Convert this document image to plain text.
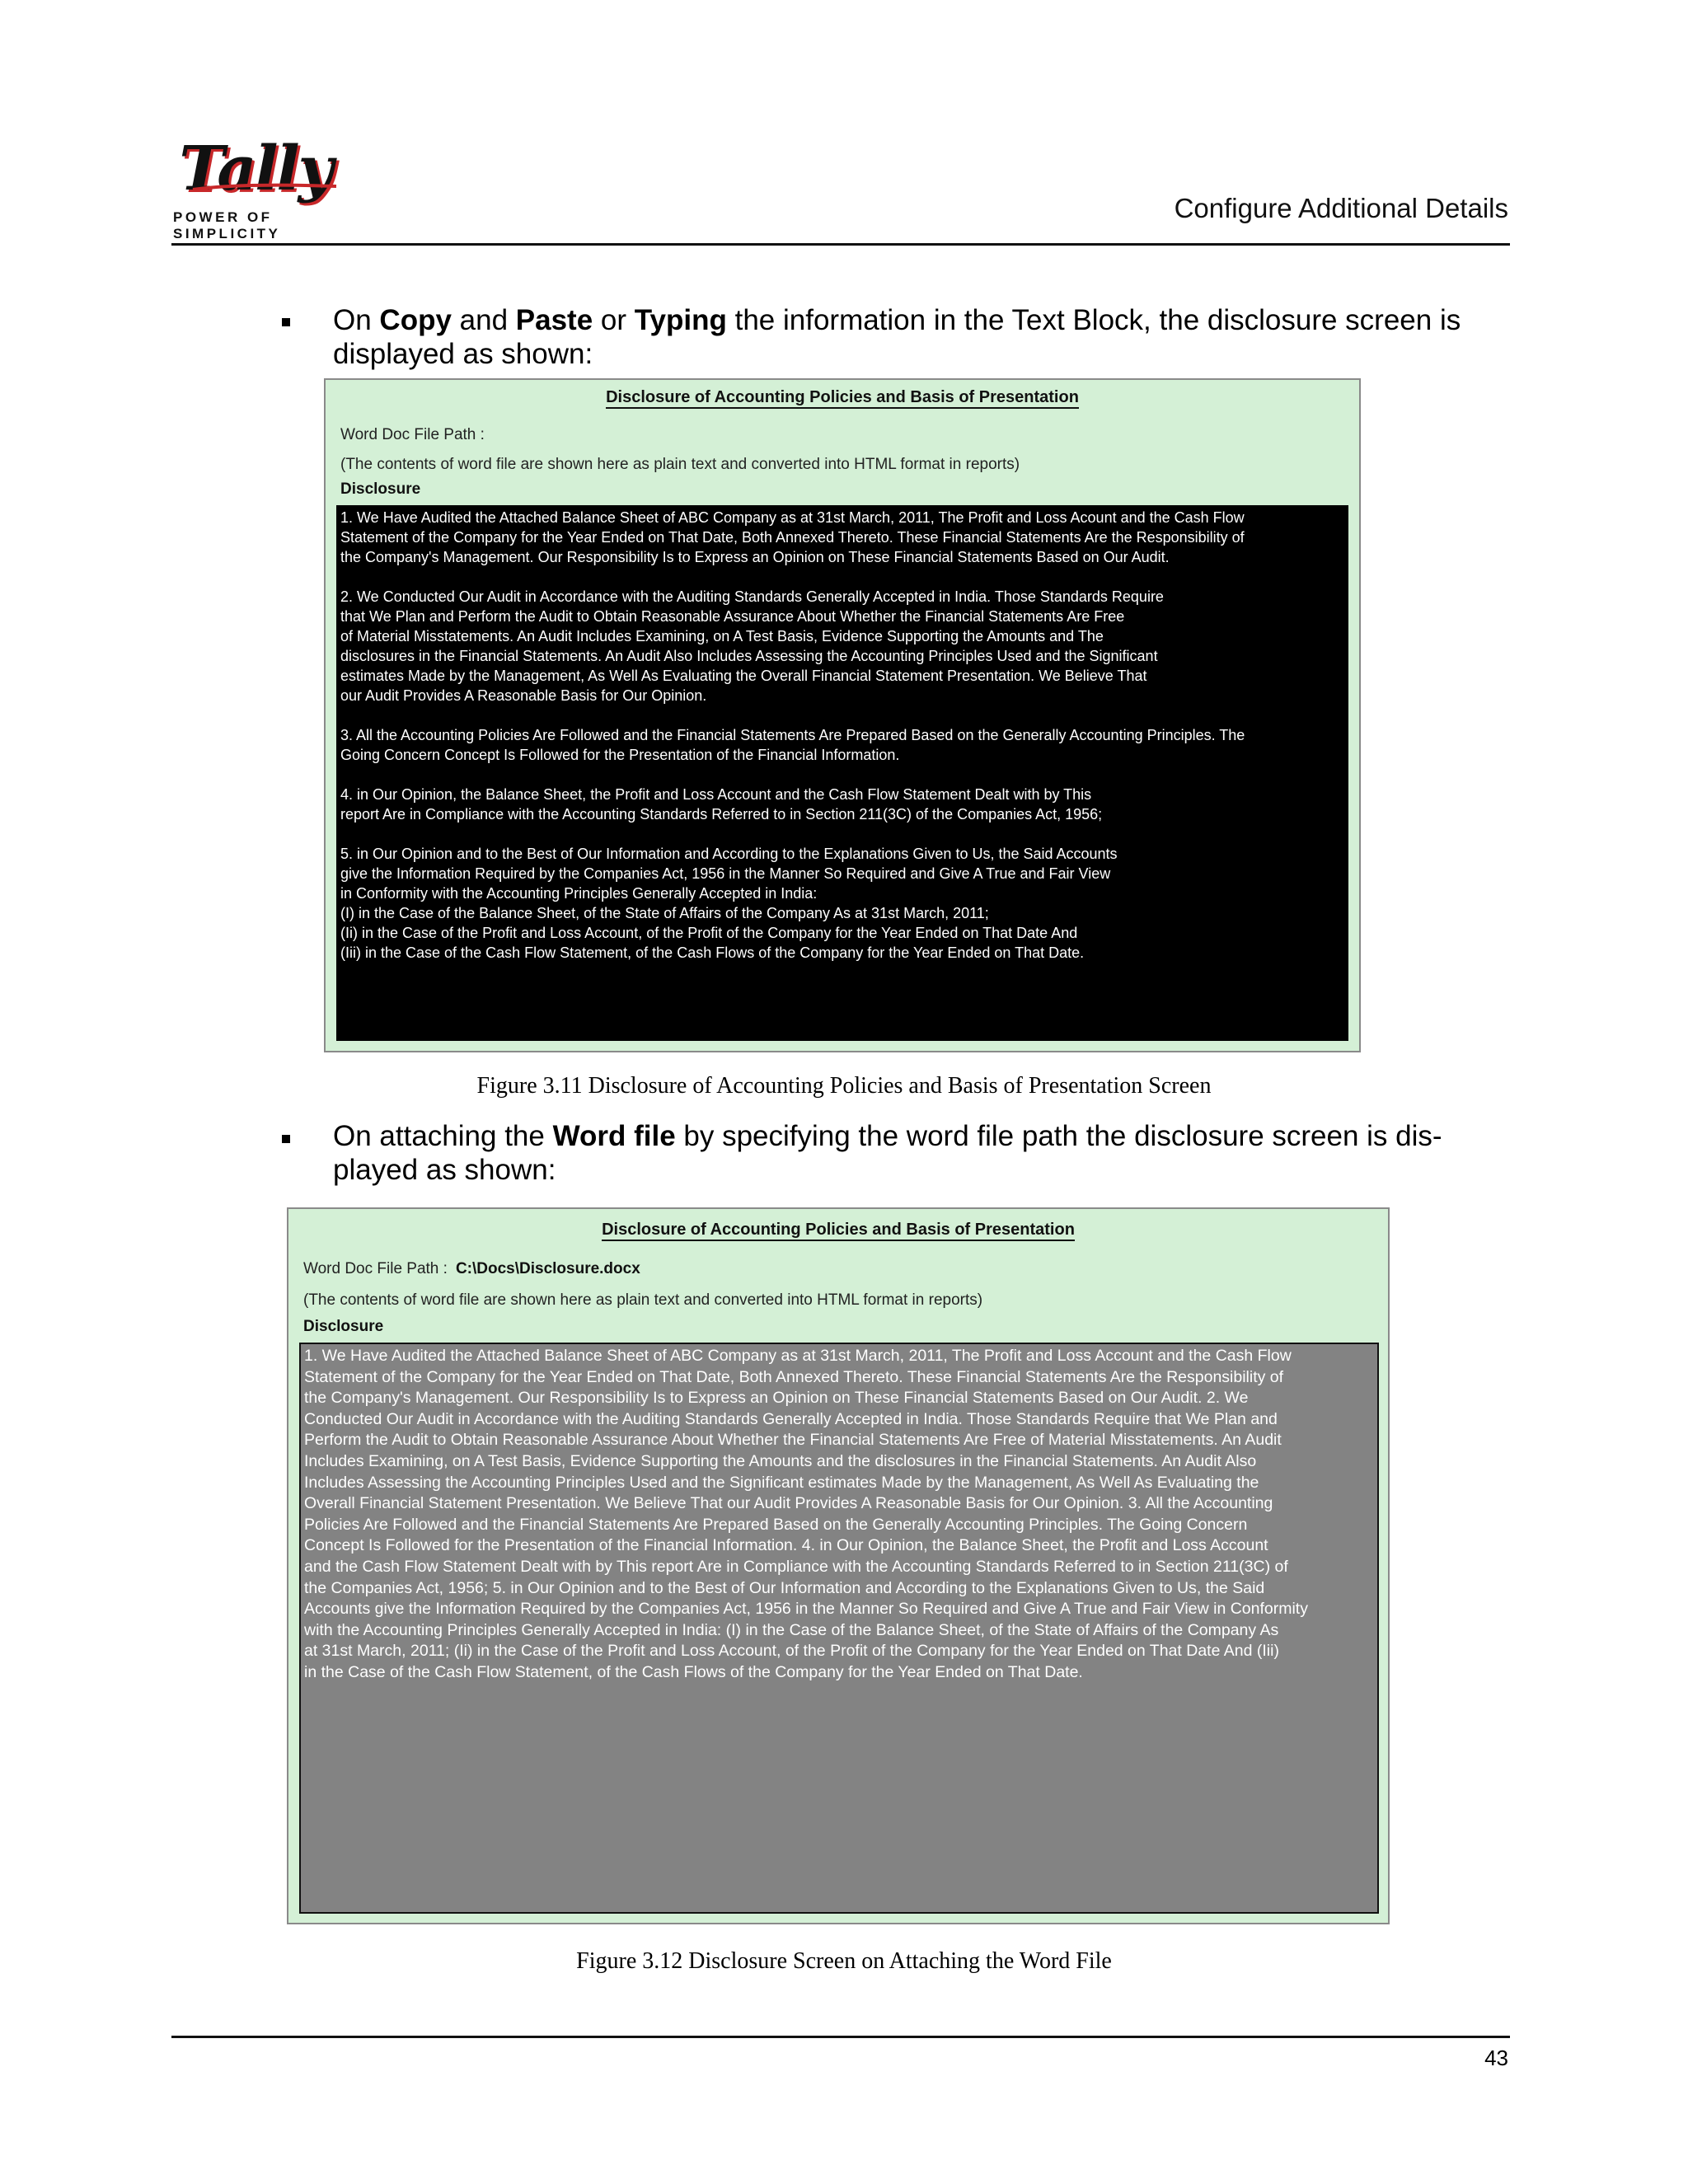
Tally
POWER OF SIMPLICITY
Configure Additional Details
On Copy and Paste or Typing the information in the Text Block, the disclosure screen is displayed as shown:
Disclosure of Accounting Policies and Basis of Presentation
Word Doc File Path :
(The contents of word file are shown here as plain text and converted into HTML format in reports)
Disclosure
1. We Have Audited the Attached Balance Sheet of ABC Company as at 31st March, 2011, The Profit and Loss Acount and the Cash Flow
Statement of the Company for the Year Ended on That Date, Both Annexed Thereto. These Financial Statements Are the Responsibility of
the Company's Management. Our Responsibility Is to Express an Opinion on These Financial Statements Based on Our Audit.
2. We Conducted Our Audit in Accordance with the Auditing Standards Generally Accepted in India. Those Standards Require
that We Plan and Perform the Audit to Obtain Reasonable Assurance About Whether the Financial Statements Are Free
of Material Misstatements. An Audit Includes Examining, on A Test Basis, Evidence Supporting the Amounts and The
disclosures in the Financial Statements. An Audit Also Includes Assessing the Accounting Principles Used and the Significant
estimates Made by the Management, As Well As Evaluating the Overall Financial Statement Presentation. We Believe That
our Audit Provides A Reasonable Basis for Our Opinion.
3. All the Accounting Policies Are Followed and the Financial Statements Are Prepared Based on the Generally Accounting Principles. The
Going Concern Concept Is Followed for the Presentation of the Financial Information.
4. in Our Opinion, the Balance Sheet, the Profit and Loss Account and the Cash Flow Statement Dealt with by This
report Are in Compliance with the Accounting Standards Referred to in Section 211(3C) of the Companies Act, 1956;
5. in Our Opinion and to the Best of Our Information and According to the Explanations Given to Us, the Said Accounts
give the Information Required by the Companies Act, 1956 in the Manner So Required and Give A True and Fair View
in Conformity with the Accounting Principles Generally Accepted in India:
(I) in the Case of the Balance Sheet, of the State of Affairs of the Company As at 31st March, 2011;
(Ii) in the Case of the Profit and Loss Account, of the Profit of the Company for the Year Ended on That Date And
(Iii) in the Case of the Cash Flow Statement, of the Cash Flows of the Company for the Year Ended on That Date.
Figure 3.11 Disclosure of Accounting Policies and Basis of Presentation Screen
On attaching the Word file by specifying the word file path the disclosure screen is dis-played as shown:
Disclosure of Accounting Policies and Basis of Presentation
Word Doc File Path : C:\Docs\Disclosure.docx
(The contents of word file are shown here as plain text and converted into HTML format in reports)
Disclosure
1. We Have Audited the Attached Balance Sheet of ABC Company as at 31st March, 2011, The Profit and Loss Account and the Cash Flow
Statement of the Company for the Year Ended on That Date, Both Annexed Thereto. These Financial Statements Are the Responsibility of
the Company's Management. Our Responsibility Is to Express an Opinion on These Financial Statements Based on Our Audit. 2. We
Conducted Our Audit in Accordance with the Auditing Standards Generally Accepted in India. Those Standards Require that We Plan and
Perform the Audit to Obtain Reasonable Assurance About Whether the Financial Statements Are Free of Material Misstatements. An Audit
Includes Examining, on A Test Basis, Evidence Supporting the Amounts and the disclosures in the Financial Statements. An Audit Also
Includes Assessing the Accounting Principles Used and the Significant estimates Made by the Management, As Well As Evaluating the
Overall Financial Statement Presentation. We Believe That our Audit Provides A Reasonable Basis for Our Opinion. 3. All the Accounting
Policies Are Followed and the Financial Statements Are Prepared Based on the Generally Accounting Principles. The Going Concern
Concept Is Followed for the Presentation of the Financial Information. 4. in Our Opinion, the Balance Sheet, the Profit and Loss Account
and the Cash Flow Statement Dealt with by This report Are in Compliance with the Accounting Standards Referred to in Section 211(3C) of
the Companies Act, 1956; 5. in Our Opinion and to the Best of Our Information and According to the Explanations Given to Us, the Said
Accounts give the Information Required by the Companies Act, 1956 in the Manner So Required and Give A True and Fair View in Conformity
with the Accounting Principles Generally Accepted in India: (I) in the Case of the Balance Sheet, of the State of Affairs of the Company As
at 31st March, 2011; (Ii) in the Case of the Profit and Loss Account, of the Profit of the Company for the Year Ended on That Date And (Iii)
in the Case of the Cash Flow Statement, of the Cash Flows of the Company for the Year Ended on That Date.
Figure 3.12 Disclosure Screen on Attaching the Word File
43
